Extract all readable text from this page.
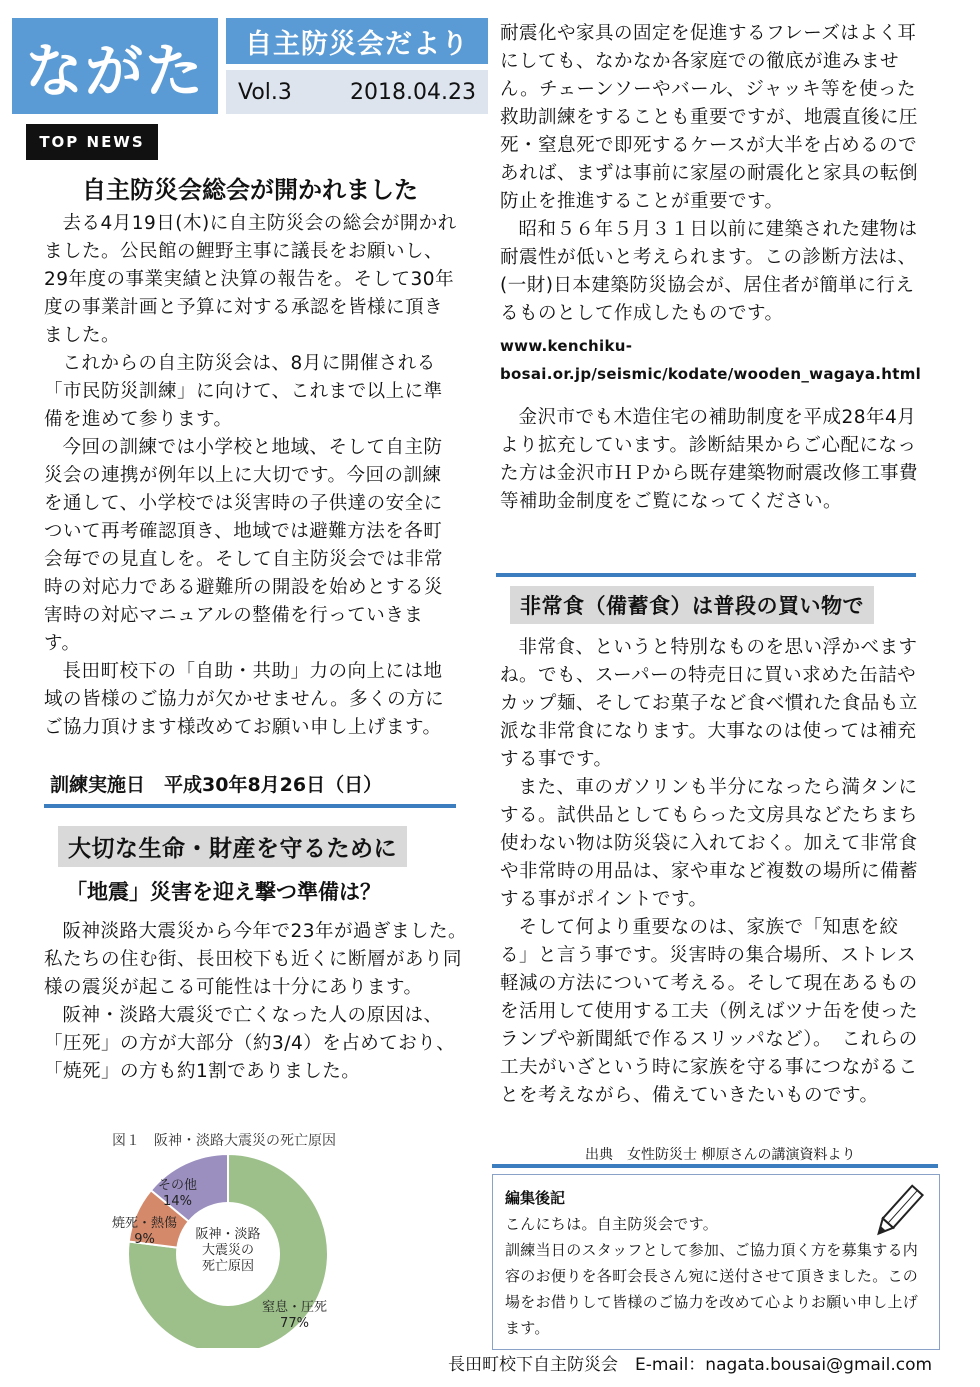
ながた	自主防災会だより
Vol.3	2018.04.23
TOP NEWS
自主防災会総会が開かれました

去る4月19日(木)に自主防災会の総会が開かれました。公民館の鯉野主事に議長をお願いし、29年度の事業実績と決算の報告を。そして30年度の事業計画と予算に対する承認を皆様に頂きました。

これからの自主防災会は、8月に開催される「市民防災訓練」に向けて、これまで以上に準備を進めて参ります。

今回の訓練では小学校と地域、そして自主防災会の連携が例年以上に大切です。今回の訓練を通して、小学校では災害時の子供達の安全について再考確認頂き、地域では避難方法を各町会毎での見直しを。そして自主防災会では非常時の対応力である避難所の開設を始めとする災害時の対応マニュアルの整備を行っていきます。

長田町校下の「自助・共助」力の向上には地域の皆様のご協力が欠かせません。多くの方にご協力頂けます様改めてお願い申し上げます。

訓練実施日　平成30年8月26日（日）
大切な生命・財産を守るために
「地震」災害を迎え撃つ準備は？

阪神淡路大震災から今年で23年が過ぎました。私たちの住む街、長田校下も近くに断層があり同様の震災が起こる可能性は十分にあります。

阪神・淡路大震災で亡くなった人の原因は、「圧死」の方が大部分（約3/4）を占めており、「焼死」の方も約1割でありました。

図１　阪神・淡路大震災の死亡原因
阪神・淡路
大震災の
死亡原因
その他
14%
焼死・熱傷
9%
窒息・圧死
77%

耐震化や家具の固定を促進するフレーズはよく耳にしても、なかなか各家庭での徹底が進みません。チェーンソーやバール、ジャッキ等を使った救助訓練をすることも重要ですが、地震直後に圧死・窒息死で即死するケースが大半を占めるのであれば、まずは事前に家屋の耐震化と家具の転倒防止を推進することが重要です。

昭和５６年５月３１日以前に建築された建物は耐震性が低いと考えられます。この診断方法は、(一財)日本建築防災協会が、居住者が簡単に行えるものとして作成したものです。

www.kenchiku-
bosai.or.jp/seismic/kodate/wooden_wagaya.html

金沢市でも木造住宅の補助制度を平成28年4月より拡充しています。診断結果からご心配になった方は金沢市ＨＰから既存建築物耐震改修工事費等補助金制度をご覧になってください。

非常食（備蓄食）は普段の買い物で

非常食、というと特別なものを思い浮かべますね。でも、スーパーの特売日に買い求めた缶詰やカップ麺、そしてお菓子など食べ慣れた食品も立派な非常食になります。大事なのは使っては補充する事です。

また、車のガソリンも半分になったら満タンにする。試供品としてもらった文房具などたちまち使わない物は防災袋に入れておく。加えて非常食や非常時の用品は、家や車など複数の場所に備蓄する事がポイントです。

そして何より重要なのは、家族で「知恵を絞る」と言う事です。災害時の集合場所、ストレス軽減の方法について考える。そして現在あるものを活用して使用する工夫（例えばツナ缶を使ったランプや新聞紙で作るスリッパなど）。　これらの工夫がいざという時に家族を守る事につながることを考えながら、備えていきたいものです。

出典　女性防災士 柳原さんの講演資料より
編集後記
こんにちは。自主防災会です。
訓練当日のスタッフとして参加、ご協力頂く方を募集する内容のお便りを各町会長さん宛に送付させて頂きました。この場をお借りして皆様のご協力を改めて心よりお願い申し上げます。
長田町校下自主防災会　E-mail：nagata.bousai@gmail.com
